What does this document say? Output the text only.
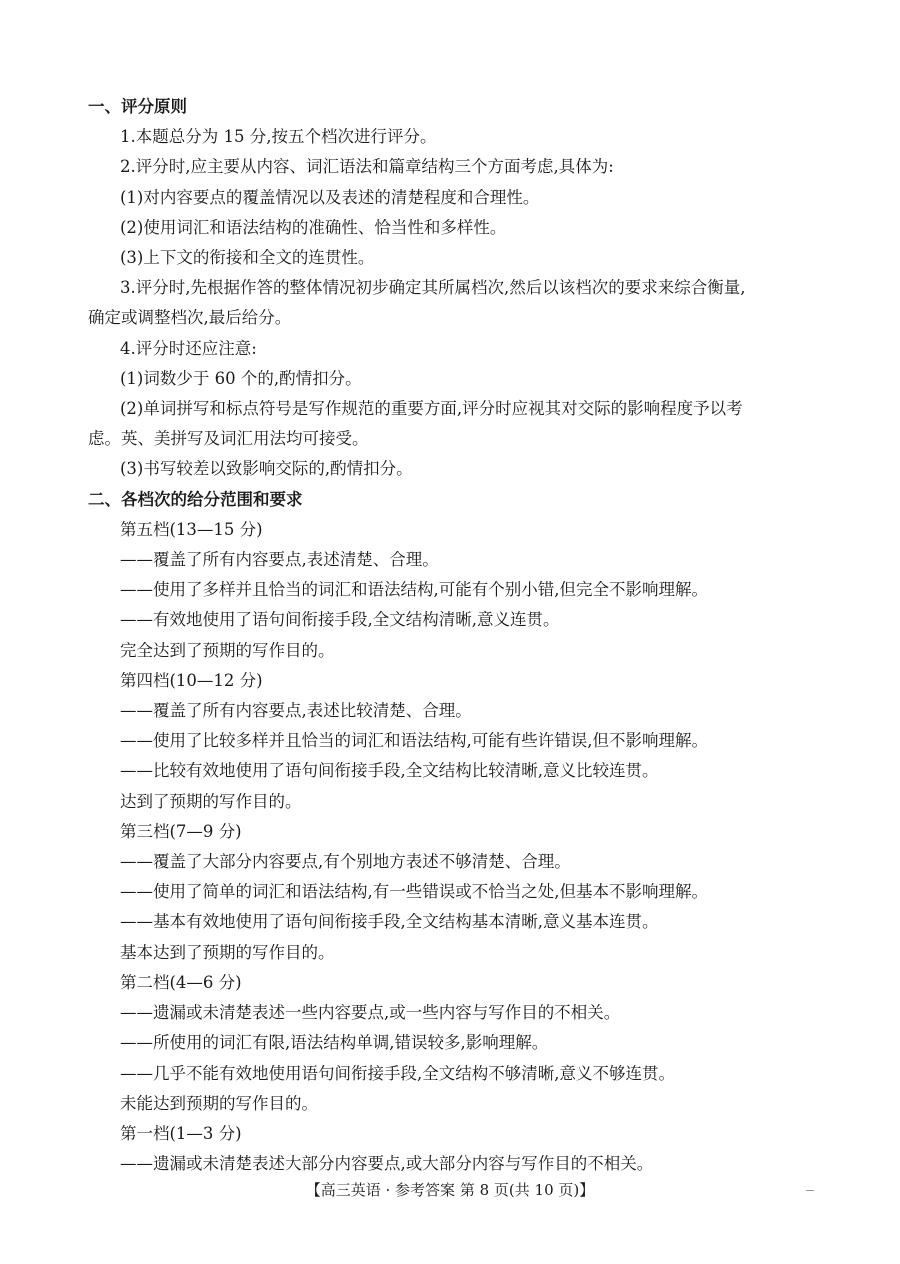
一、评分原则

1.本题总分为 15 分,按五个档次进行评分。

2.评分时,应主要从内容、词汇语法和篇章结构三个方面考虑,具体为:

(1)对内容要点的覆盖情况以及表述的清楚程度和合理性。

(2)使用词汇和语法结构的准确性、恰当性和多样性。

(3)上下文的衔接和全文的连贯性。

3.评分时,先根据作答的整体情况初步确定其所属档次,然后以该档次的要求来综合衡量,

确定或调整档次,最后给分。

4.评分时还应注意:

(1)词数少于 60 个的,酌情扣分。

(2)单词拼写和标点符号是写作规范的重要方面,评分时应视其对交际的影响程度予以考

虑。英、美拼写及词汇用法均可接受。

(3)书写较差以致影响交际的,酌情扣分。

二、各档次的给分范围和要求

第五档(13—15 分)

——覆盖了所有内容要点,表述清楚、合理。

——使用了多样并且恰当的词汇和语法结构,可能有个别小错,但完全不影响理解。

——有效地使用了语句间衔接手段,全文结构清晰,意义连贯。

完全达到了预期的写作目的。

第四档(10—12 分)

——覆盖了所有内容要点,表述比较清楚、合理。

——使用了比较多样并且恰当的词汇和语法结构,可能有些许错误,但不影响理解。

——比较有效地使用了语句间衔接手段,全文结构比较清晰,意义比较连贯。

达到了预期的写作目的。

第三档(7—9 分)

——覆盖了大部分内容要点,有个别地方表述不够清楚、合理。

——使用了简单的词汇和语法结构,有一些错误或不恰当之处,但基本不影响理解。

——基本有效地使用了语句间衔接手段,全文结构基本清晰,意义基本连贯。

基本达到了预期的写作目的。

第二档(4—6 分)

——遗漏或未清楚表述一些内容要点,或一些内容与写作目的不相关。

——所使用的词汇有限,语法结构单调,错误较多,影响理解。

——几乎不能有效地使用语句间衔接手段,全文结构不够清晰,意义不够连贯。

未能达到预期的写作目的。

第一档(1—3 分)

——遗漏或未清楚表述大部分内容要点,或大部分内容与写作目的不相关。

【高三英语 · 参考答案 第 8 页(共 10 页)】
